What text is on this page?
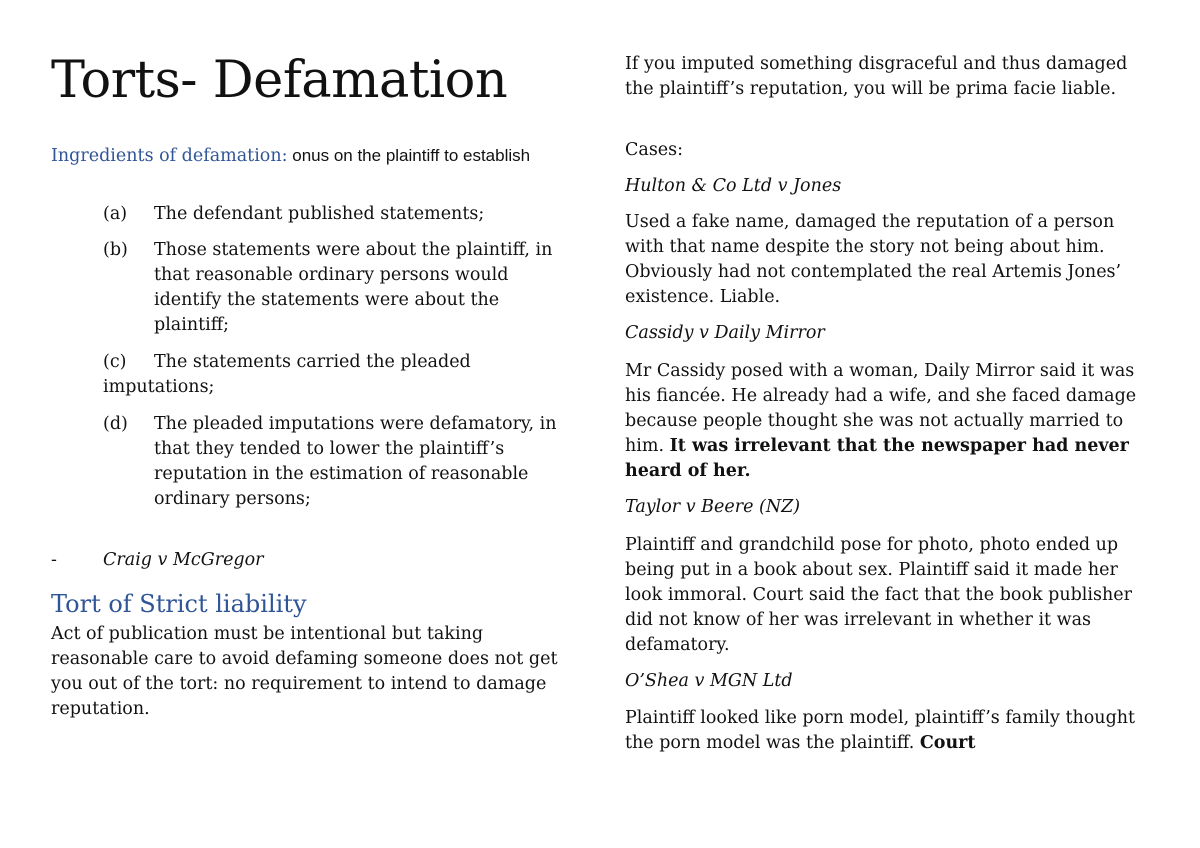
Torts- Defamation
Ingredients of defamation: onus on the plaintiff to establish
(a)	The defendant published statements;
(b)	Those statements were about the plaintiff, in that reasonable ordinary persons would identify the statements were about the plaintiff;
(c)	The statements carried the pleaded imputations;
(d)	The pleaded imputations were defamatory, in that they tended to lower the plaintiff’s reputation in the estimation of reasonable ordinary persons;
-	Craig v McGregor
Tort of Strict liability
Act of publication must be intentional but taking reasonable care to avoid defaming someone does not get you out of the tort: no requirement to intend to damage reputation.
If you imputed something disgraceful and thus damaged the plaintiff’s reputation, you will be prima facie liable.
Cases:
Hulton & Co Ltd v Jones
Used a fake name, damaged the reputation of a person with that name despite the story not being about him. Obviously had not contemplated the real Artemis Jones’ existence. Liable.
Cassidy v Daily Mirror
Mr Cassidy posed with a woman, Daily Mirror said it was his fiancée. He already had a wife, and she faced damage because people thought she was not actually married to him. It was irrelevant that the newspaper had never heard of her.
Taylor v Beere (NZ)
Plaintiff and grandchild pose for photo, photo ended up being put in a book about sex. Plaintiff said it made her look immoral. Court said the fact that the book publisher did not know of her was irrelevant in whether it was defamatory.
O’Shea v MGN Ltd
Plaintiff looked like porn model, plaintiff’s family thought the porn model was the plaintiff. Court
